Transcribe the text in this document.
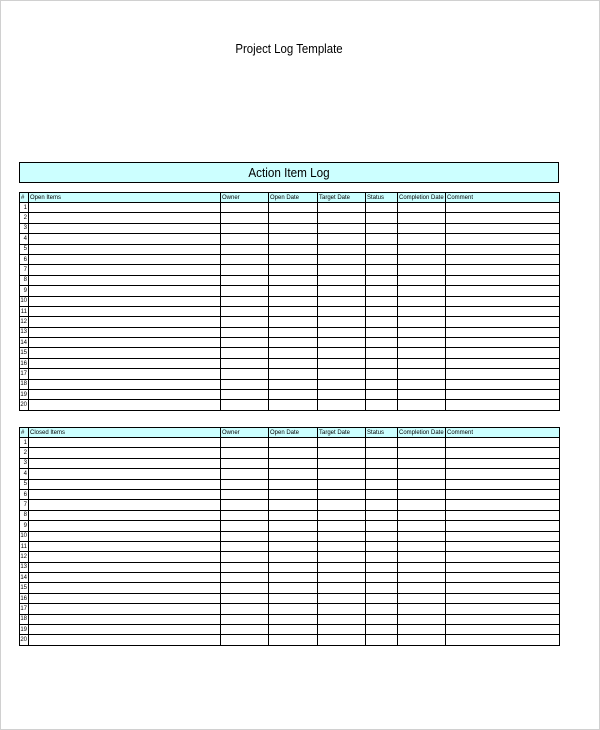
Project Log Template
Action Item Log
#	Open Items	Owner	Open Date	Target Date	Status	Completion Date	Comment
1							
2							
3							
4							
5							
6							
7							
8							
9							
10							
11							
12							
13							
14							
15							
16							
17							
18							
19							
20							
#	Closed Items	Owner	Open Date	Target Date	Status	Completion Date	Comment
1							
2							
3							
4							
5							
6							
7							
8							
9							
10							
11							
12							
13							
14							
15							
16							
17							
18							
19							
20							
